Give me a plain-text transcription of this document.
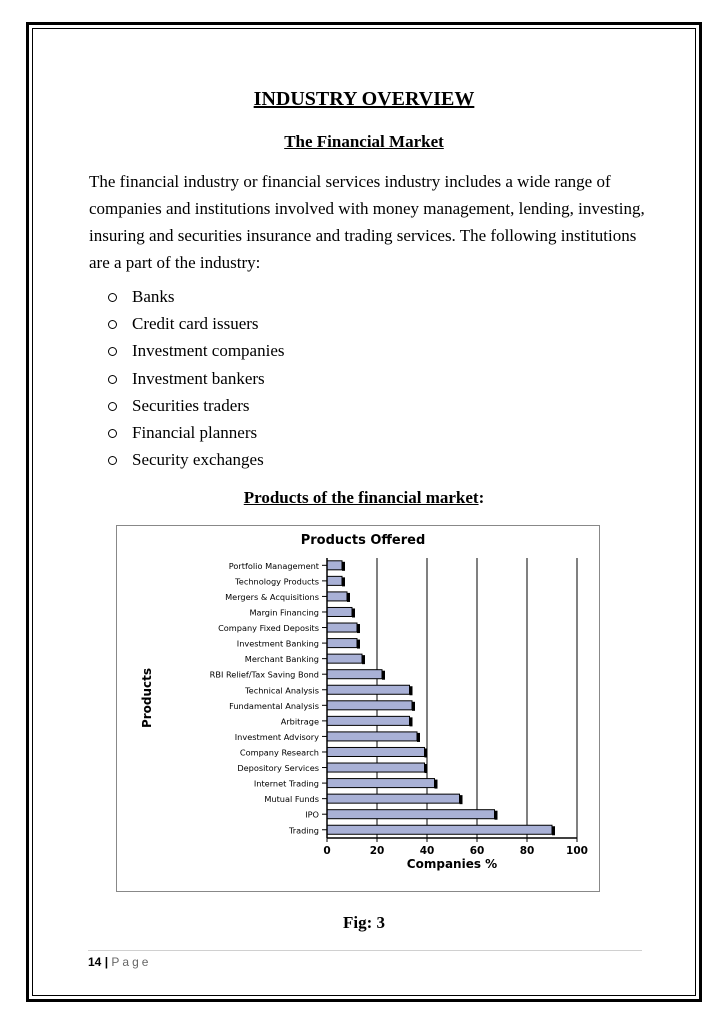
INDUSTRY OVERVIEW
The Financial Market

The financial industry or financial services industry includes a wide range of companies and institutions involved with money management, lending, investing, insuring and securities insurance and trading services. The following institutions are a part of the industry:

Banks
Credit card issuers
Investment companies
Investment bankers
Securities traders
Financial planners
Security exchanges
Products of the financial market:
Products Offered
Portfolio Management
Technology Products
Mergers & Acquisitions
Margin Financing
Company Fixed Deposits
Investment Banking
Merchant Banking
RBI Relief/Tax Saving Bond
Technical Analysis
Fundamental Analysis
Arbitrage
Investment Advisory
Company Research
Depository Services
Internet Trading
Mutual Funds
IPO
Trading
0	20	40	60	80	100
Companies %
Products
Fig: 3
14 | Page
